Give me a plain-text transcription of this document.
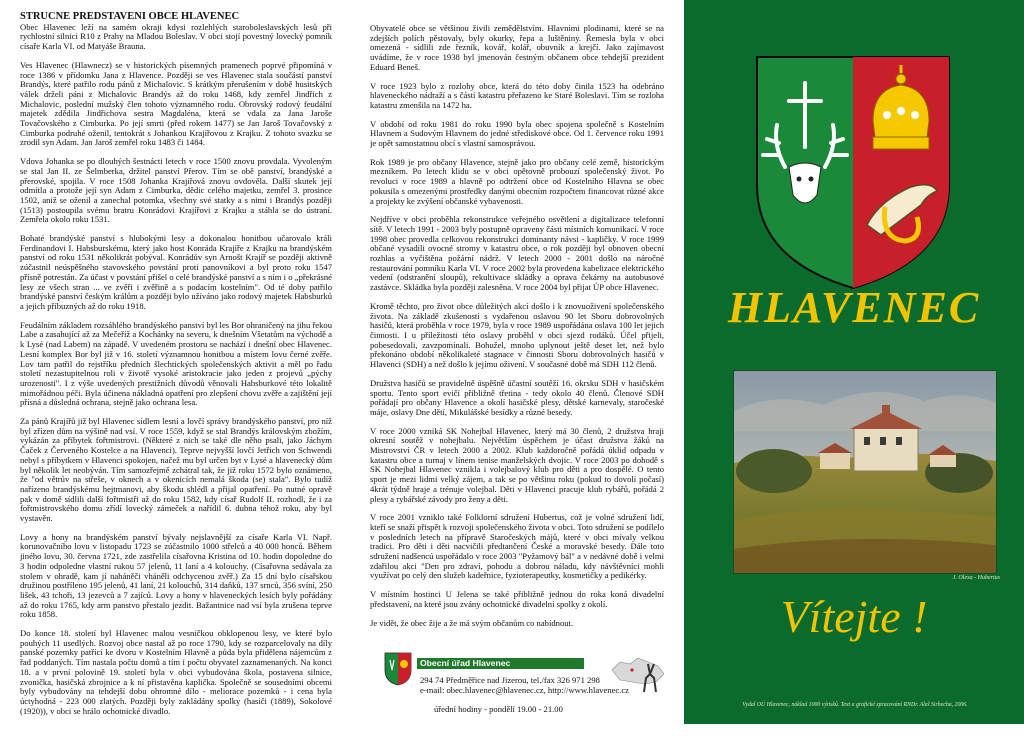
STRUČNÉ PŘEDSTAVENÍ OBCE HLAVENEC

Obec Hlavenec leží na samém okraji kdysi rozlehlých staroboleslavských lesů při rychlostní silnici R10 z Prahy na Mladou Boleslav. V obci stojí povestný lovecký pomník císaře Karla VI. od Matyáše Brauna.

Ves Hlavenec (Hlawnecz) se v historických písemných pramenech poprvé připomíná v roce 1386 v přídomku Jana z Hlavence. Později se ves Hlavenec stala součástí panství Brandýs, které patřilo rodu pánů z Michalovic. S krátkým přerušením v době husitských válek drželi páni z Michalovic Brandýs až do roku 1468, kdy zemřel Jindřich z Michalovic, poslední mužský člen tohoto významného rodu. Obrovský rodový feudální majetek zdědila Jindřichova sestra Magdaléna, která se vdala za Jana Jaroše Tovačovského z Cimburka. Po její smrti (před rokem 1477) se Jan Jaroš Tovačovský z Cimburka podruhé oženil, tentokrát s Johankou Krajířovou z Krajku. Z tohoto svazku se zrodil syn Adam. Jan Jaroš zemřel roku 1483 či 1484.

Vdova Johanka se po dlouhých šestnácti letech v roce 1500 znovu provdala. Vyvoleným se stal Jan II. ze Šelmberka, držitel panství Přerov. Tím se obě panství, brandýské a přerovské, spojila. V roce 1508 Johanka Krajířová znovu ovdověla. Další skutek její odmítla a protože její syn Adam z Cimburka, dědic celého majetku, zemřel 3. prosince 1502, aniž se oženil a zanechal potomka, všechny své statky a s nimi i Brandýs později (1513) postoupila svému bratru Konrádovi Krajířovi z Krajku a stáhla se do ústraní. Zemřela okolo roku 1531.

Bohaté brandýské panství s hlubokými lesy a dokonalou honitbou učarovalo králi Ferdinandovi I. Habsburskému, který jako host Konráda Krajíře z Krajku na brandýském panství od roku 1531 několikrát pobýval. Konrádův syn Arnošt Krajíř se později aktivně zúčastnil neúspěšného stavovského povstání proti panovníkovi a byl proto roku 1547 přísně potrestán. Za účast v povstání přišel o celé brandýské panství a s ním i o „překrásné lesy ze všech stran ... ve zvěři i zvěřině a s podacím kostelním". Od té doby patřilo brandýské panství českým králům a později bylo užíváno jako rodový majetek Habsburků a jejich příbuzných až do roku 1918.

Feudálním základem rozsáhlého brandýského panství byl les Bor ohraničený na jihu řekou Labe a zasahující až za Mečeříž a Kochánky na severu, k dnešním Všetatům na východě a k Lysé (nad Labem) na západě. V uvedeném prostoru se nachází i dnešní obec Hlavenec. Lesní komplex Bor byl již v 16. století významnou honitbou a místem lovu černé zvěře. Lov tam patřil do rejstříku předních šlechtických společenských aktivit a měl po řadu století nezastupitelnou roli v životě vysoké aristokracie jako jeden z projevů „pýchy urozenosti". I z výše uvedených prestižních důvodů věnovali Habsburkové této lokalitě mimořádnou péči. Byla účinena nákladná opatření pro zlepšení chovu zvěře a zajištění její přísná a důsledná ochrana, stejně jako ochrana lesa.

Za pánů Krajířů již byl Hlavenec sídlem lesní a lovčí správy brandýského panství, pro níž byl zřízen dům na výšině nad vsí. V roce 1559, když se stal Brandýs královským zbožím, vykázán za příbytek fořtmistrovi. (Některé z nich se také dle něho psali, jako Jáchym Čaček z Červeného Kostelce a na Hlavenci). Teprve nejvyšší lovčí Jetřich von Schwendi nebyl s příbytkem v Hlavenci spokojen, načež mu byl určen byt v Lysé a hlavenecký dům byl několik let neobýván. Tím samozřejmě zchátral tak, že již roku 1572 bylo oznámeno, že "od větrův na střeše, v oknech a v okenicích nemalá škoda (se) stala". Bylo tudíž nařízeno brandýskému hejtmanovi, aby škodu shlédl a přijal opatření. Po nutné opravě pak v domě sídlili další fořtmistři až do roku 1582, kdy císař Rudolf II. rozhodl, že i za fořtmistrovského domu zřídí lovecký zámeček a nařídil 6. dubna téhož roku, aby byl vystavěn.

Lovy a hony na brandýském panství bývaly nejslavnější za císaře Karla VI. Např. korunovačního lovu v listopadu 1723 se zúčastnilo 1000 střelců a 40 000 honců. Během jiného lovu, 30. června 1721, zde zastřelila císařovna Kristina od 10. hodin dopoledne do 3 hodin odpoledne vlastní rukou 57 jelenů, 11 laní a 4 kolouchy. (Císařovna sedávala za stolem v ohradě, kam jí naháněči vháněli odchycenou zvěř.) Za 15 dní bylo císařskou družinou postříleno 195 jelenů, 41 laní, 21 kolouchů, 314 daňků, 137 srnců, 356 svíní, 250 lišek, 43 tchoři, 13 jezevců a 7 zajíců. Lovy a hony v hlaveneckých lesích byly pořádány až do roku 1765, kdy arm panstvo přestalo jezdit. Bažantnice nad vsí byla zrušena teprve roku 1858.

Do konce 18. století byl Hlavenec malou vesničkou obklopenou lesy, ve které bylo pouhých 11 usedlých. Rozvoj obce nastal až po roce 1790, kdy se rozparcelovaly na díly panské pozemky patřící ke dvoru v Kostelním Hlavně a půda byla přidělena nájemcům z řad poddaných. Tím nastala počtu domů a tím i počtu obyvatel zaznamenaných. Na konci 18. a v první polovině 19. století byla v obci vybudována škola, postavena silnice, zvonička, hasičská zbrojnice a k ní přistavěna kaplička. Společně se sousedními obcemi byly vybudovány na tehdejší dobu ohromné dílo - meliorace pozemků - i cena byla úctyhodná - 223 000 zlatých. Později byly zakládány spolky (hasiči (1889), Sokolové (1920)), v obci se hrálo ochotnické divadlo.

Obyvatelé obce se většinou živili zemědělstvím. Hlavními plodinami, které se na zdejších polích pěstovaly, byly okurky, řepa a luštěniny. Řemesla byla v obci omezená - sídlili zde řezník, kovář, kolář, obuvník a krejčí. Jako zajímavost uvádíme, že v roce 1938 byl jmenován čestným občanem obce tehdejší prezident Eduard Beneš.

V roce 1923 bylo z rozlohy obce, která do této doby činila 1523 ha odebráno hlaveneckého nádraží a s částí katastru přeřazeno ke Staré Boleslavi. Tím se rozloha katastru zmenšila na 1472 ha.

V období od roku 1981 do roku 1990 byla obec spojena společně s Kostelním Hlavnem a Sudovým Hlavnem do jedné střediskové obce. Od 1. července roku 1991 je opět samostatnou obcí s vlastní samosprávou.

Rok 1989 je pro občany Hlavence, stejně jako pro občany celé země, historickým mezníkem. Po letech klidu se v obci opětovně probouzí společenský život. Po revoluci v roce 1989 a hlavně po odtržení obce od Kostelního Hlavna se obec pokusila s omezenými prostředky danými obecním rozpočtem financovat různé akce a projekty ke zvýšení občanské vybavenosti.

Nejdříve v obci proběhla rekonstrukce veřejného osvětlení a digitalizace telefonní sítě. V letech 1991 - 2003 byly postupně opraveny části místních komunikací. V roce 1998 obec provedla celkovou rekonstrukci dominanty návsi - kapličky. V roce 1999 občané vysadili ovocné stromy v katastru obce, o rok později byl obnoven obecní rozhlas a vyčištěna požární nádrž. V letech 2000 - 2001 došlo na náročné restaurování pomníku Karla VI. V roce 2002 byla provedena kabelizace elektrického vedení (odstranění sloupů), rekultivace skládky a oprava čekárny na autobusové zastávce. Skládka byla později zalesněna. V roce 2004 byl přijat ÚP obce Hlavenec.

Kromě těchto, pro život obce důležitých akcí došlo i k znovuoživení společenského života. Na základě zkušeností s vydařenou oslavou 90 let Sboru dobrovolných hasičů, která proběhla v roce 1979, byla v roce 1989 uspořádána oslava 100 let jejich činnosti. I u příležitosti této oslavy proběhl v obci sjezd rodáků. Účel přijeli, pobesedovali, zavzpomínali. Bohužel, mnoho uplynout ještě deset let, než bylo překonáno období několikaleté stagnace v činnosti Sboru dobrovolných hasičů v Hlavenci (SDH) a než došlo k jejímu oživení. V současné době má SDH 112 členů.

Družstva hasičů se pravidelně úspěšně účastní soutěží 16. okrsku SDH v hasičském sportu. Tento sport evičí přibližně třetina - tedy okolo 40 členů. Členové SDH pořádají pro občany Hlavence a okolí hasičské plesy, dětské karnevaly, staročeské máje, oslavy Dne dětí, Mikulášské besídky a různé besedy.

V roce 2000 vzniká SK Nohejbal Hlavenec, který má 30 členů, 2 družstva hraji okresní soutěž v nohejbalu. Největším úspěchem je účast družstva žáků na Mistrovství ČR v letech 2000 a 2002. Klub každoročně pořádá úklid odpadu v katastru obce a turnaj v línem tenise manželských dvojic. V roce 2003 po dohodě s SK Nohejbal Hlavenec vznikla i volejbalový klub pro děti a pro dospělé. O tento sport je mezi lidmi velký zájem, a tak se po většinu roku (pokud to dovolí počasí) 4krát týdně hraje a trénuje volejbal. Děti v Hlavenci pracuje klub rybářů, pořádá 2 plesy a rybářské závody pro ženy a děti.

V roce 2001 vzniklo také Folklorní sdružení Hubertus, což je volné sdružení lidí, kteří se snaží přispět k rozvoji společenského života v obci. Toto sdružení se podílelo v posledních letech na přípravě Staročeských májů, které v obci mívaly velkou tradici. Pro děti i děti nacvičili předtančení České a moravské besedy. Dále toto sdružení nadšencú uspořádalo v roce 2003 "Pyžamový bál" a v nedávné době i velmi zdařilou akci "Den pro zdraví, pohodu a dobrou náladu, kdy návštěvníci mohli využívat po celý den služeb kadeřnice, fyzioterapeutky, kosmetičky a pedikérky.

V místním hostinci U Jelena se také přibližně jednou do roka koná divadelní představení, na které jsou zvány ochotnické divadelní spolky z okolí.

Je vidět, že obec žije a že má svým občanům co nabídnout.

Obecní úřad Hlavenec
294 74 Předměřice nad Jizerou, tel./fax 326 971 298
e-mail: obec.hlavenec@hlavenec.cz, http://www.hlavenec.cz
úřední hodiny - pondělí 19.00 - 21.00
HLAVENEC
J. Olexa - Hubertus
Vítejte !
Vydal OÚ Hlavenec, náklad 1000 výtisků. Text a grafické zpracování RNDr. Aleš Sirbecha, 2006.
